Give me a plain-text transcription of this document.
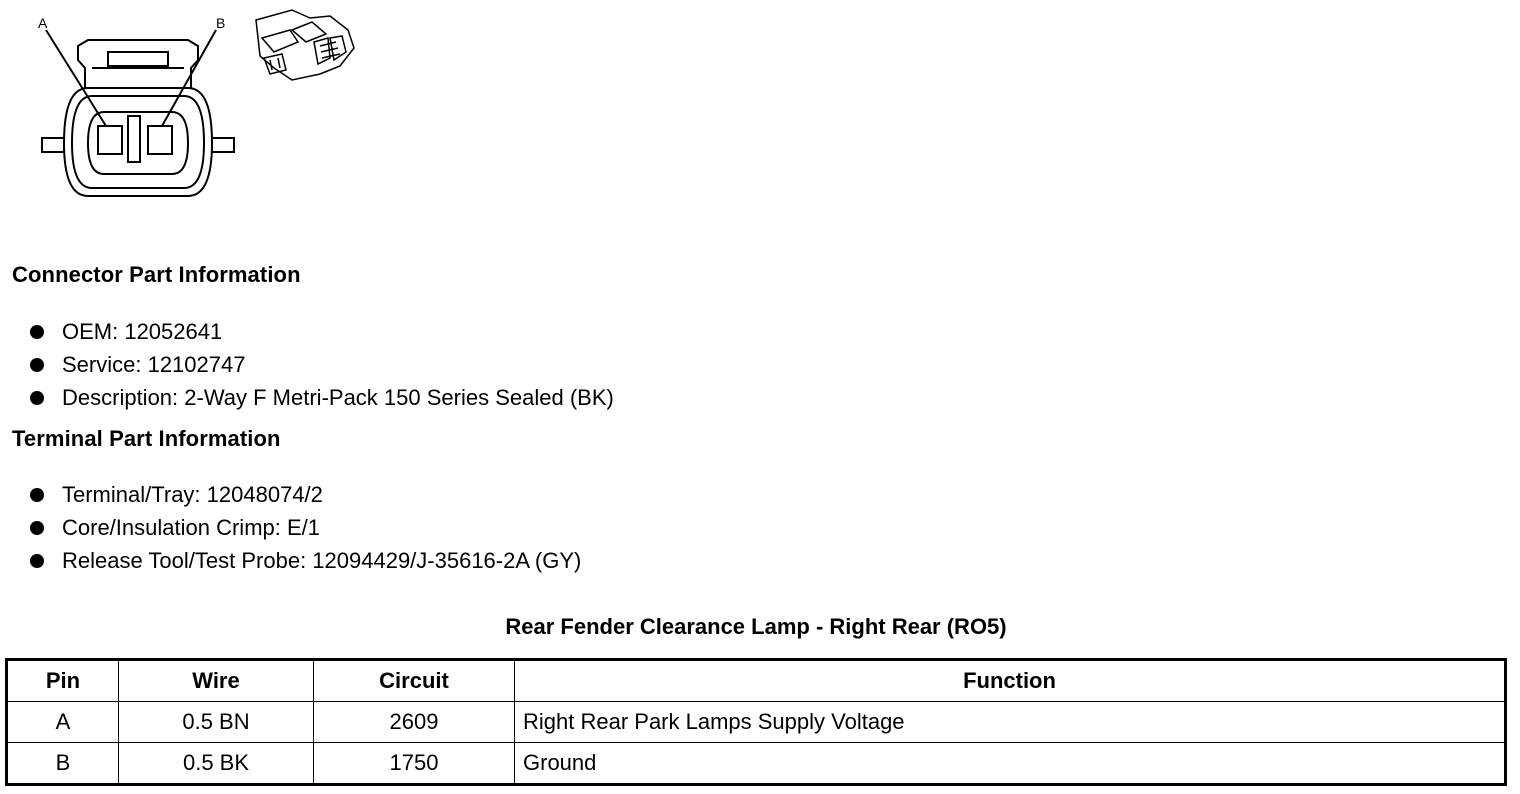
A	B
Connector Part Information
OEM: 12052641
Service: 12102747
Description: 2-Way F Metri-Pack 150 Series Sealed (BK)
Terminal Part Information
Terminal/Tray: 12048074/2
Core/Insulation Crimp: E/1
Release Tool/Test Probe: 12094429/J-35616-2A (GY)
Rear Fender Clearance Lamp - Right Rear (RO5)
Pin	Wire	Circuit	Function
A	0.5 BN	2609	Right Rear Park Lamps Supply Voltage
B	0.5 BK	1750	Ground
